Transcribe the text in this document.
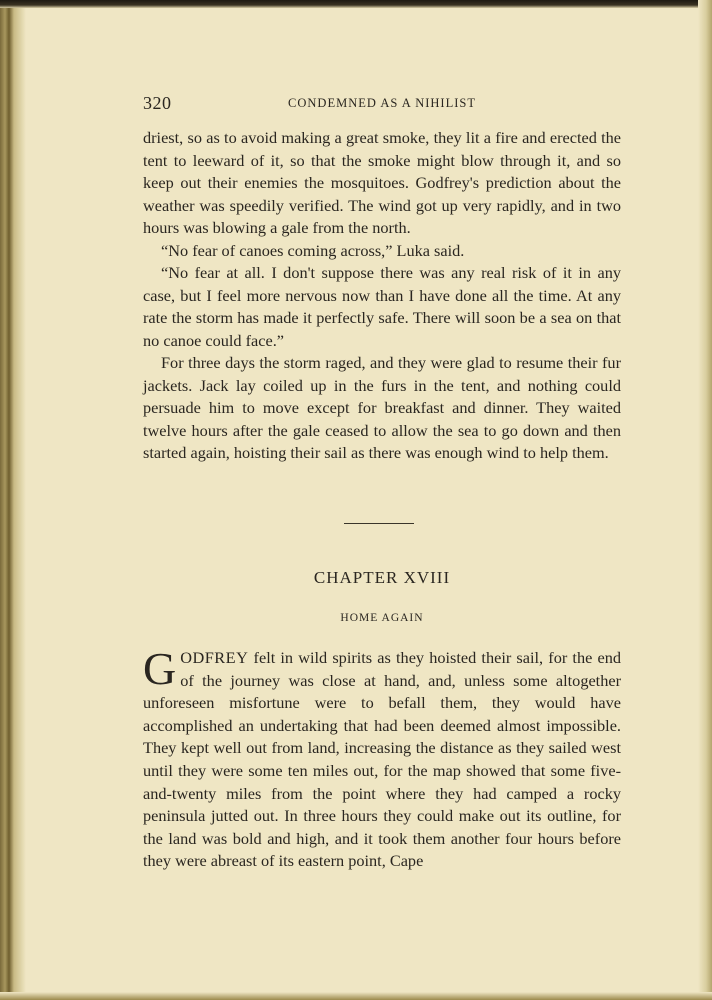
320	CONDEMNED AS A NIHILIST

driest, so as to avoid making a great smoke, they lit a fire and erected the tent to leeward of it, so that the smoke might blow through it, and so keep out their enemies the mosquitoes. Godfrey's prediction about the weather was speedily verified. The wind got up very rapidly, and in two hours was blowing a gale from the north.

“No fear of canoes coming across,” Luka said.

“No fear at all. I don't suppose there was any real risk of it in any case, but I feel more nervous now than I have done all the time. At any rate the storm has made it perfectly safe. There will soon be a sea on that no canoe could face.”

For three days the storm raged, and they were glad to resume their fur jackets. Jack lay coiled up in the furs in the tent, and nothing could persuade him to move except for breakfast and dinner. They waited twelve hours after the gale ceased to allow the sea to go down and then started again, hoisting their sail as there was enough wind to help them.

CHAPTER XVIII
HOME AGAIN

GODFREY felt in wild spirits as they hoisted their sail, for the end of the journey was close at hand, and, unless some altogether unforeseen misfortune were to befall them, they would have accomplished an undertaking that had been deemed almost impossible. They kept well out from land, increasing the distance as they sailed west until they were some ten miles out, for the map showed that some five-and-twenty miles from the point where they had camped a rocky peninsula jutted out. In three hours they could make out its outline, for the land was bold and high, and it took them another four hours before they were abreast of its eastern point, Cape
